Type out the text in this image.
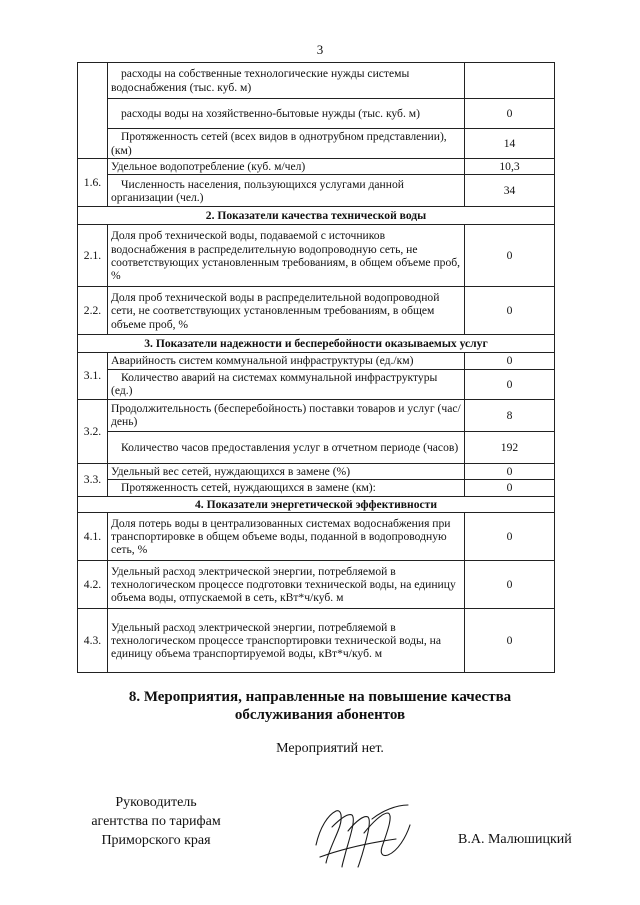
3

	расходы на собственные технологические нужды системы водоснабжения (тыс. куб. м)	

	расходы воды на хозяйственно-бытовые нужды (тыс. куб. м)	0

	Протяженность сетей (всех видов в однотрубном представлении), (км)	14
1.6.	Удельное водопотребление (куб. м/чел)	10,3

	Численность населения, пользующихся услугами данной организации (чел.)	34
2. Показатели качества технической воды		
2.1.	Доля проб технической воды, подаваемой с источников водоснабжения в распределительную водопроводную сеть, не соответствующих установленным требованиям, в общем объеме проб, %	0
2.2.	Доля проб технической воды в распределительной водопроводной сети, не соответствующих установленным требованиям, в общем объеме проб, %	0
3. Показатели надежности и бесперебойности оказываемых услуг		
3.1.	Аварийность систем коммунальной инфраструктуры (ед./км)	0

	Количество аварий на системах коммунальной инфраструктуры (ед.)	0
3.2.	Продолжительность (бесперебойность) поставки товаров и услуг (час/день)	8

	Количество часов предоставления услуг в отчетном периоде (часов)	192
3.3.	Удельный вес сетей, нуждающихся в замене (%)	0

	Протяженность сетей, нуждающихся в замене (км):	0
4. Показатели энергетической эффективности		
4.1.	Доля потерь воды в централизованных системах водоснабжения при транспортировке в общем объеме воды, поданной в водопроводную сеть, %	0
4.2.	Удельный расход электрической энергии, потребляемой в технологическом процессе подготовки технической воды, на единицу объема воды, отпускаемой в сеть, кВт*ч/куб. м	0
4.3.	Удельный расход электрической энергии, потребляемой в технологическом процессе транспортировки технической воды, на единицу объема транспортируемой воды, кВт*ч/куб. м	0
8. Мероприятия, направленные на повышение качества
обслуживания абонентов
Мероприятий нет.
Руководитель
агентства по тарифам
Приморского края	В.А. Малюшицкий
